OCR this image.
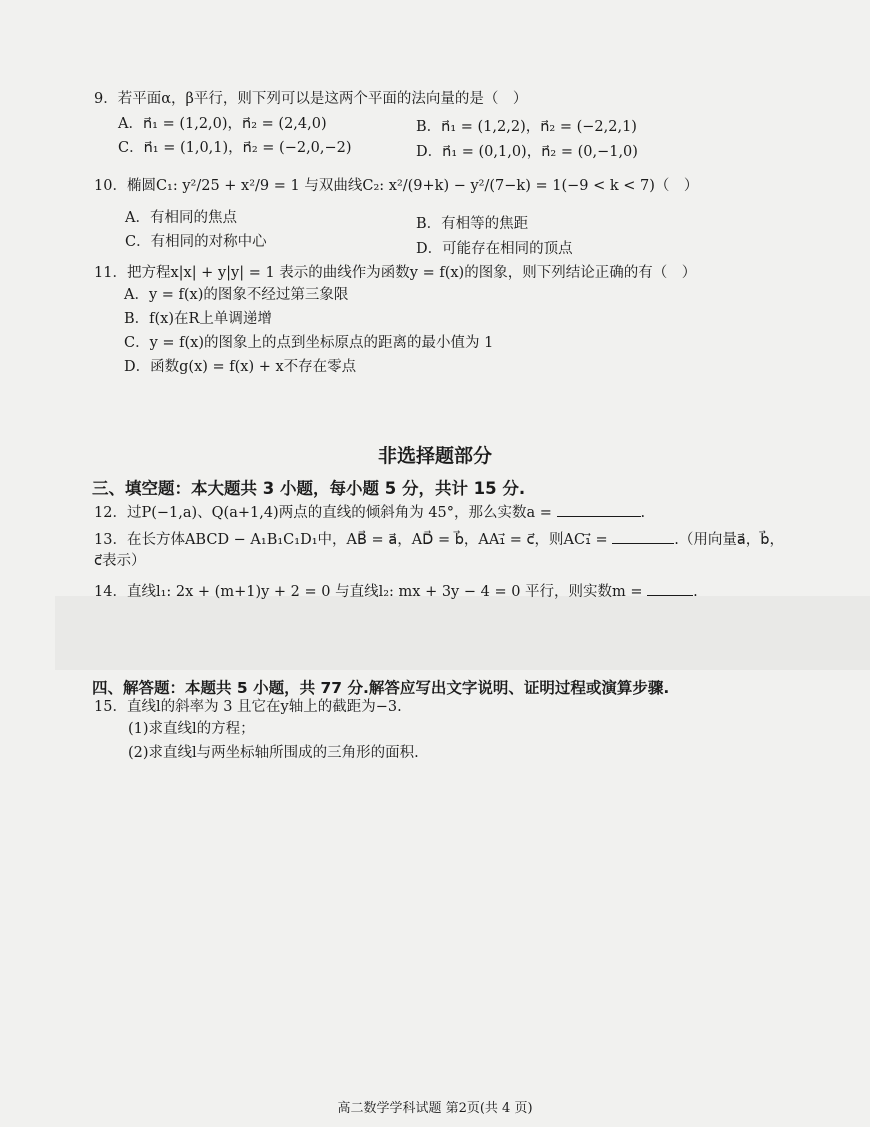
9．若平面α，β平行，则下列可以是这两个平面的法向量的是（　）
A．n⃗₁ = (1,2,0)，n⃗₂ = (2,4,0)	B．n⃗₁ = (1,2,2)，n⃗₂ = (−2,2,1)
C．n⃗₁ = (1,0,1)，n⃗₂ = (−2,0,−2)	D．n⃗₁ = (0,1,0)，n⃗₂ = (0,−1,0)
10．椭圆C₁: y²/25 + x²/9 = 1 与双曲线C₂: x²/(9+k) − y²/(7−k) = 1(−9 < k < 7)（　）
A．有相同的焦点	B．有相等的焦距
C．有相同的对称中心	D．可能存在相同的顶点
11．把方程x|x| + y|y| = 1 表示的曲线作为函数y = f(x)的图象，则下列结论正确的有（　）
A．y = f(x)的图象不经过第三象限
B．f(x)在R上单调递增
C．y = f(x)的图象上的点到坐标原点的距离的最小值为 1
D．函数g(x) = f(x) + x不存在零点
非选择题部分
三、填空题：本大题共 3 小题，每小题 5 分，共计 15 分.
12．过P(−1,a)、Q(a+1,4)两点的直线的倾斜角为 45°，那么实数a =	.
13．在长方体ABCD − A₁B₁C₁D₁中，AB⃗ = a⃗，AD⃗ = b⃗，AA₁⃗ = c⃗，则AC₁⃗ =	.（用向量a⃗，b⃗，
c⃗表示）
14．直线l₁: 2x + (m+1)y + 2 = 0 与直线l₂: mx + 3y − 4 = 0 平行，则实数m =	.
四、解答题：本题共 5 小题，共 77 分.解答应写出文字说明、证明过程或演算步骤.
15．直线l的斜率为 3 且它在y轴上的截距为−3.
(1)求直线l的方程；
(2)求直线l与两坐标轴所围成的三角形的面积.
高二数学学科试题 第2页(共 4 页)
